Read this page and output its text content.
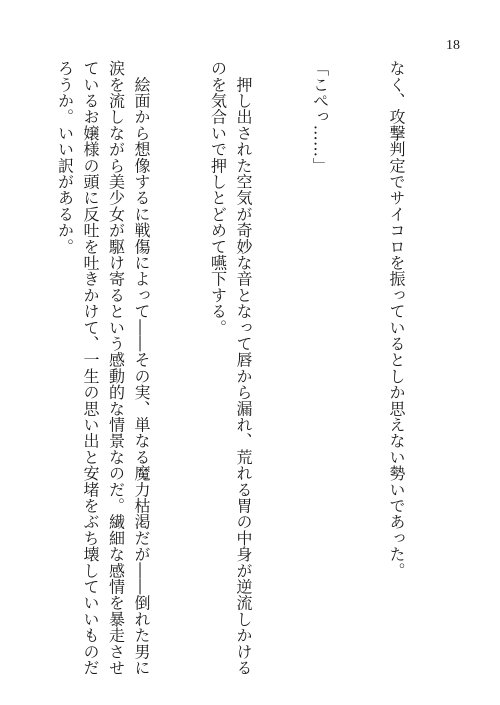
18

なく、攻撃判定でサイコロを振っているとしか思えない勢いであった。

「こぺっ……」

　押し出された空気が奇妙な音となって唇から漏れ、荒れる胃の中身が逆流しかけるのを気合いで押しとどめて嚥下する。

　絵面から想像するに戦傷によって――その実、単なる魔力枯渇だが――倒れた男に涙を流しながら美少女が駆け寄るという感動的な情景なのだ。繊細な感情を暴走させているお嬢様の頭に反吐を吐きかけて、一生の思い出と安堵をぶち壊していいものだろうか。いい訳があるか。
